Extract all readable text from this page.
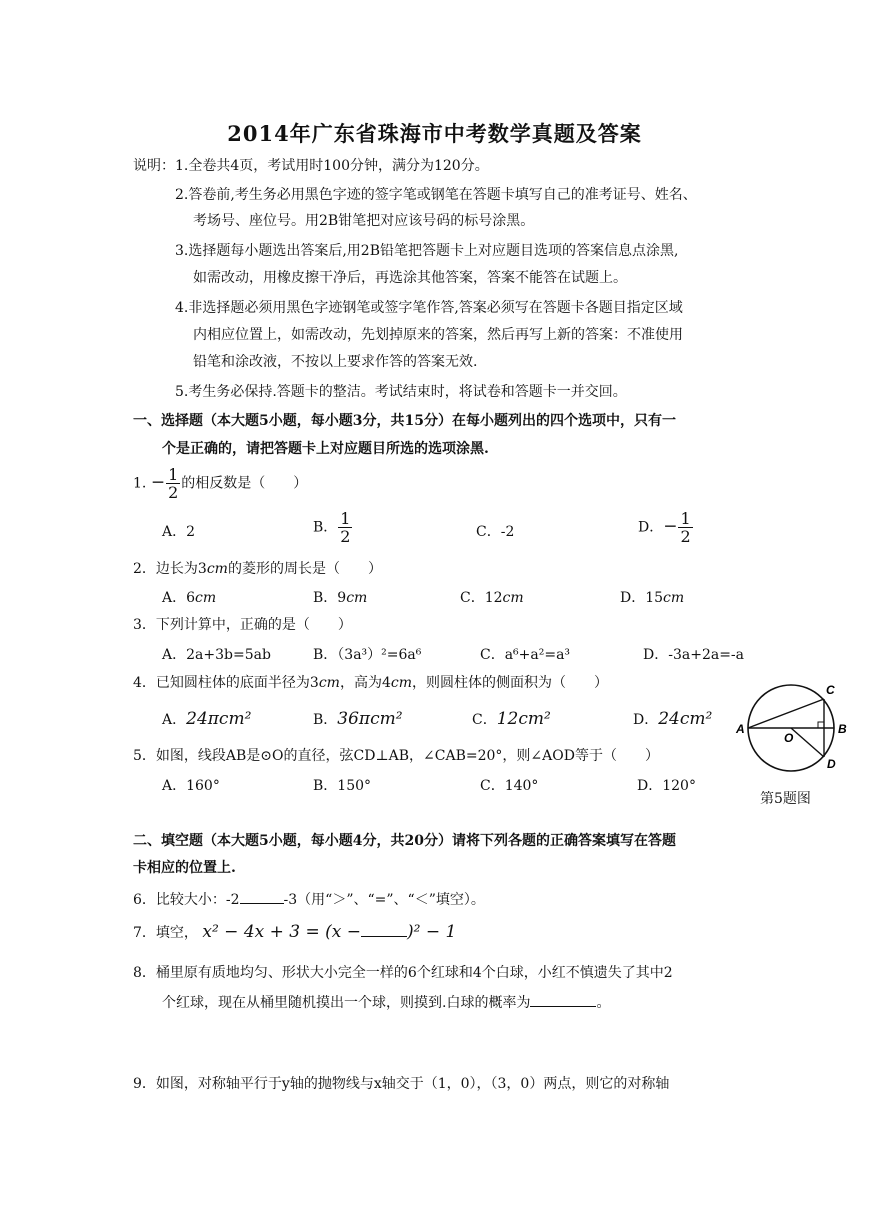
2014年广东省珠海市中考数学真题及答案
说明：1.全卷共4页，考试用时100分钟，满分为120分。
2.答卷前,考生务必用黑色字迹的签字笔或钢笔在答题卡填写自己的准考证号、姓名、
考场号、座位号。用2B钳笔把对应该号码的标号涂黑。
3.选择题每小题选出答案后,用2B铅笔把答题卡上对应题目选项的答案信息点涂黑,
如需改动，用橡皮擦干净后，再选涂其他答案，答案不能答在试题上。
4.非选择题必须用黑色字迹钢笔或签字笔作答,答案必须写在答题卡各题目指定区域
内相应位置上，如需改动，先划掉原来的答案，然后再写上新的答案：不准使用
铅笔和涂改液，不按以上要求作答的答案无效.
5.考生务必保持.答题卡的整洁。考试结束时，将试卷和答题卡一并交回。
一、选择题（本大题5小题，每小题3分，共15分）在每小题列出的四个选项中，只有一
个是正确的，请把答题卡上对应题目所选的选项涂黑.
1. − $\frac{1}{2}$ 的相反数是（　　）
A．2	B． $\frac{1}{2}$	C．-2	D．− $\frac{1}{2}$
2．边长为3cm的菱形的周长是（　　）
A．6cm	B．9cm	C．12cm	D．15cm
3．下列计算中，正确的是（　　）
A．2a+3b=5ab	B．（3a³）²=6a⁶	C．a⁶+a²=a³	D．-3a+2a=-a
4．已知圆柱体的底面半径为3cm，高为4cm，则圆柱体的侧面积为（　　）
A．24πcm²	B．36πcm²	C．12cm²	D．24cm²
5．如图，线段AB是⊙O的直径，弦CD⊥AB，∠CAB=20°，则∠AOD等于（　　）
A．160°	B．150°	C．140°	D．120°
A	B
C
D
O
第5题图
二、填空题（本大题5小题，每小题4分，共20分）请将下列各题的正确答案填写在答题
卡相应的位置上.
6．比较大小：-2	-3（用“＞”、“=”、“＜”填空）。
7．填空， x² − 4x + 3 = (x −	)² − 1
8．桶里原有质地均匀、形状大小完全一样的6个红球和4个白球，小红不慎遗失了其中2
个红球，现在从桶里随机摸出一个球，则摸到.白球的概率为	。
9．如图，对称轴平行于y轴的抛物线与x轴交于（1，0），（3，0）两点，则它的对称轴
